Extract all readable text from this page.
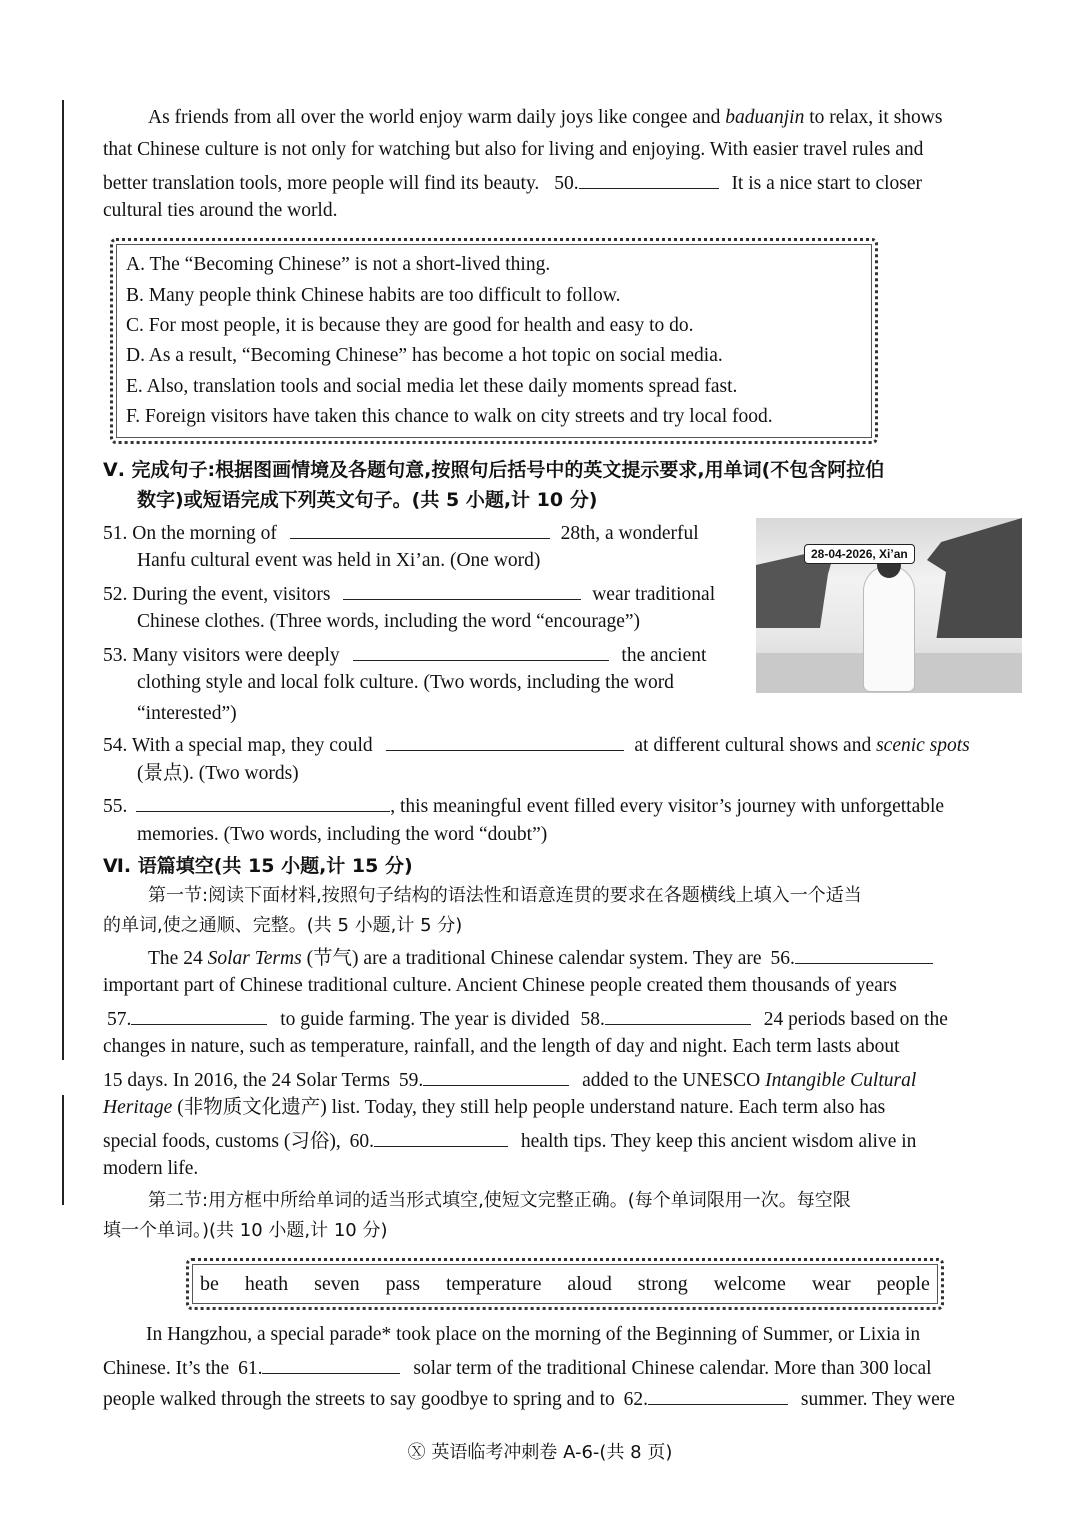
As friends from all over the world enjoy warm daily joys like congee and baduanjin to relax, it shows
that Chinese culture is not only for watching but also for living and enjoying. With easier travel rules and
better translation tools, more people will find its beauty. 50.	It is a nice start to closer
cultural ties around the world.
A. The “Becoming Chinese” is not a short-lived thing.
B. Many people think Chinese habits are too difficult to follow.
C. For most people, it is because they are good for health and easy to do.
D. As a result, “Becoming Chinese” has become a hot topic on social media.
E. Also, translation tools and social media let these daily moments spread fast.
F. Foreign visitors have taken this chance to walk on city streets and try local food.
Ⅴ. 完成句子:根据图画情境及各题句意,按照句后括号中的英文提示要求,用单词(不包含阿拉伯
数字)或短语完成下列英文句子。(共 5 小题,计 10 分)
28-04-2026, Xi’an
51. On the morning of	28th, a wonderful
Hanfu cultural event was held in Xi’an. (One word)
52. During the event, visitors	wear traditional
Chinese clothes. (Three words, including the word “encourage”)
53. Many visitors were deeply	the ancient
clothing style and local folk culture. (Two words, including the word
“interested”)
54. With a special map, they could	at different cultural shows and scenic spots
(景点). (Two words)
55.	, this meaningful event filled every visitor’s journey with unforgettable
memories. (Two words, including the word “doubt”)
Ⅵ. 语篇填空(共 15 小题,计 15 分)
第一节:阅读下面材料,按照句子结构的语法性和语意连贯的要求在各题横线上填入一个适当
的单词,使之通顺、完整。(共 5 小题,计 5 分)
The 24 Solar Terms (节气) are a traditional Chinese calendar system. They are 56.
important part of Chinese traditional culture. Ancient Chinese people created them thousands of years
57.	to guide farming. The year is divided 58.	24 periods based on the
changes in nature, such as temperature, rainfall, and the length of day and night. Each term lasts about
15 days. In 2016, the 24 Solar Terms 59.	added to the UNESCO Intangible Cultural
Heritage (非物质文化遗产) list. Today, they still help people understand nature. Each term also has
special foods, customs (习俗), 60.	health tips. They keep this ancient wisdom alive in
modern life.
第二节:用方框中所给单词的适当形式填空,使短文完整正确。(每个单词限用一次。每空限
填一个单词。)(共 10 小题,计 10 分)
be heath seven pass temperature aloud strong welcome wear people
In Hangzhou, a special parade* took place on the morning of the Beginning of Summer, or Lixia in
Chinese. It’s the 61.	solar term of the traditional Chinese calendar. More than 300 local
people walked through the streets to say goodbye to spring and to 62.	summer. They were
Ⓧ 英语临考冲刺卷 A-6-(共 8 页)
